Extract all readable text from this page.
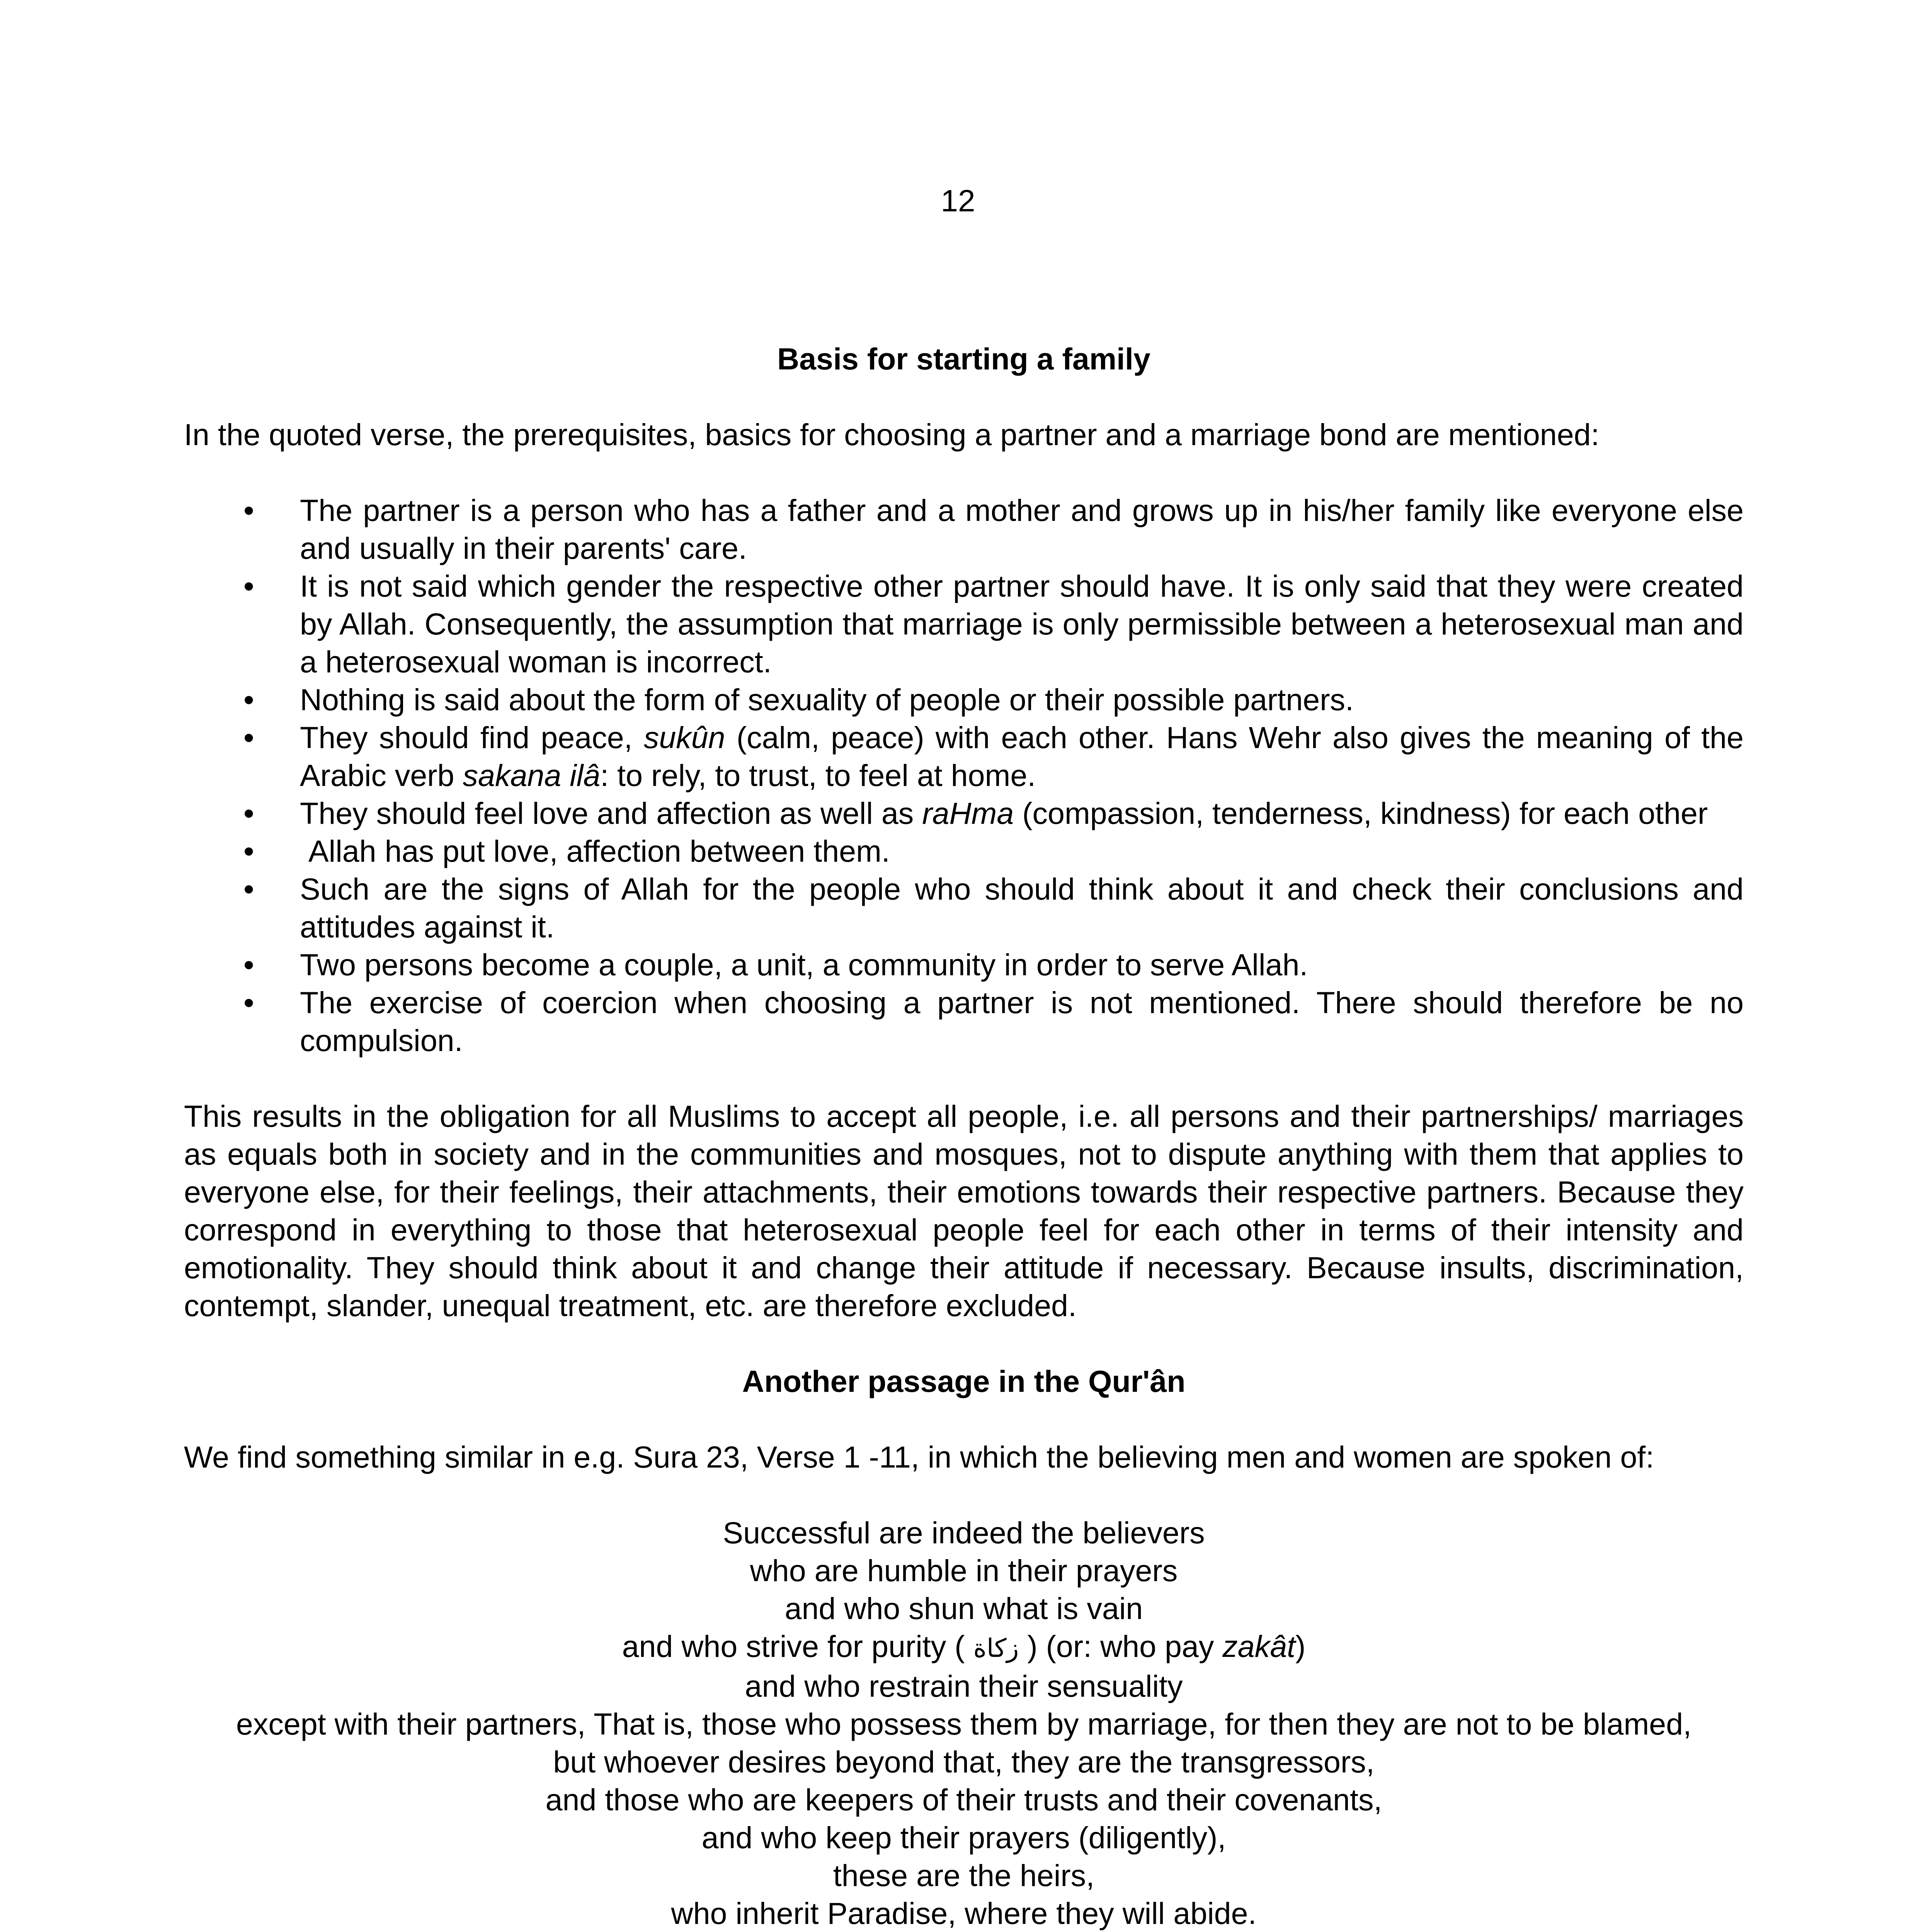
12
Basis for starting a family

In the quoted verse, the prerequisites, basics for choosing a partner and a marriage bond are mentioned:

• The partner is a person who has a father and a mother and grows up in his/her family like everyone else and usually in their parents' care.
• It is not said which gender the respective other partner should have. It is only said that they were created by Allah. Consequently, the assumption that marriage is only permissible between a heterosexual man and a heterosexual woman is incorrect.
• Nothing is said about the form of sexuality of people or their possible partners.
• They should find peace, sukûn (calm, peace) with each other. Hans Wehr also gives the meaning of the Arabic verb sakana ilâ: to rely, to trust, to feel at home.
• They should feel love and affection as well as raHma (compassion, tenderness, kindness) for each other
• Allah has put love, affection between them.
• Such are the signs of Allah for the people who should think about it and check their conclusions and attitudes against it.
• Two persons become a couple, a unit, a community in order to serve Allah.
• The exercise of coercion when choosing a partner is not mentioned. There should therefore be no compulsion.

This results in the obligation for all Muslims to accept all people, i.e. all persons and their partnerships/ marriages as equals both in society and in the communities and mosques, not to dispute anything with them that applies to everyone else, for their feelings, their attachments, their emotions towards their respective partners. Because they correspond in everything to those that heterosexual people feel for each other in terms of their intensity and emotionality. They should think about it and change their attitude if necessary. Because insults, discrimination, contempt, slander, unequal treatment, etc. are therefore excluded.

Another passage in the Qur'ân

We find something similar in e.g. Sura 23, Verse 1 -11, in which the believing men and women are spoken of:

Successful are indeed the believers
who are humble in their prayers
and who shun what is vain
and who strive for purity ( زكاة ) (or: who pay zakât)
and who restrain their sensuality
except with their partners, That is, those who possess them by marriage, for then they are not to be blamed,
but whoever desires beyond that, they are the transgressors,
and those who are keepers of their trusts and their covenants,
and who keep their prayers (diligently),
these are the heirs,
who inherit Paradise, where they will abide.
